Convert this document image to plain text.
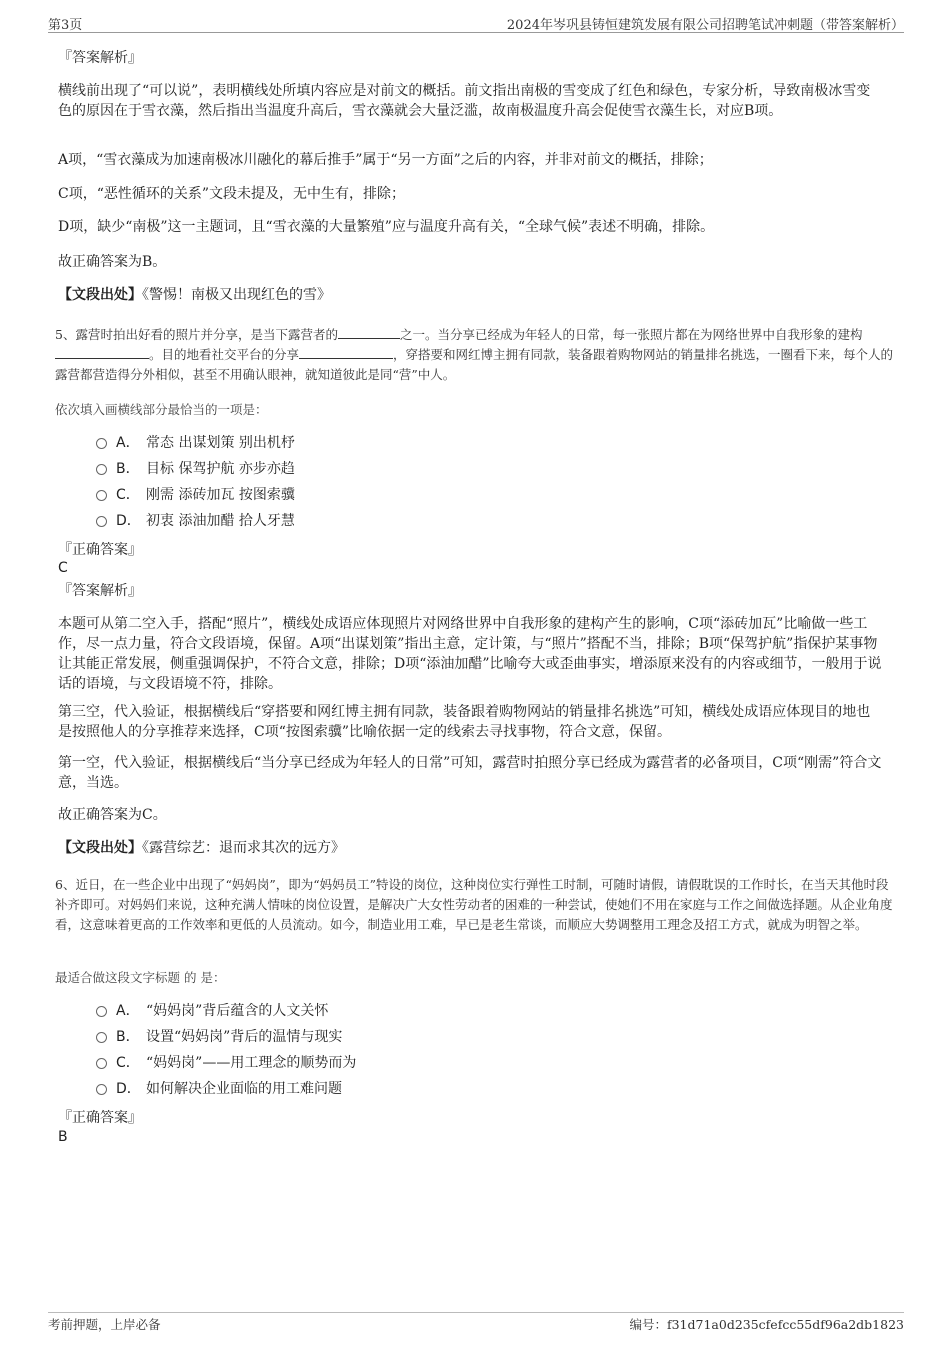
第3页	2024年岑巩县铸恒建筑发展有限公司招聘笔试冲刺题（带答案解析）
『答案解析』
横线前出现了“可以说”，表明横线处所填内容应是对前文的概括。前文指出南极的雪变成了红色和绿色，专家分析，导致南极冰雪变色的原因在于雪衣藻，然后指出当温度升高后，雪衣藻就会大量泛滥，故南极温度升高会促使雪衣藻生长，对应B项。
A项，“雪衣藻成为加速南极冰川融化的幕后推手”属于“另一方面”之后的内容，并非对前文的概括，排除；
C项，“恶性循环的关系”文段未提及，无中生有，排除；
D项，缺少“南极”这一主题词，且“雪衣藻的大量繁殖”应与温度升高有关，“全球气候”表述不明确，排除。
故正确答案为B。
【文段出处】《警惕！南极又出现红色的雪》
5、露营时拍出好看的照片并分享，是当下露营者的	之一。当分享已经成为年轻人的日常，每一张照片都在为网络世界中自我形象的建构。目的地看社交平台的分享	，穿搭要和网红博主拥有同款，装备跟着购物网站的销量排名挑选，一圈看下来，每个人的露营都营造得分外相似，甚至不用确认眼神，就知道彼此是同“营”中人。
依次填入画横线部分最恰当的一项是：
A． 常态 出谋划策 别出机杼
B． 目标 保驾护航 亦步亦趋
C． 刚需 添砖加瓦 按图索骥
D． 初衷 添油加醋 拾人牙慧
『正确答案』
C
『答案解析』
本题可从第二空入手，搭配“照片”，横线处成语应体现照片对网络世界中自我形象的建构产生的影响，C项“添砖加瓦”比喻做一些工作，尽一点力量，符合文段语境，保留。A项“出谋划策”指出主意，定计策，与“照片”搭配不当，排除；B项“保驾护航”指保护某事物让其能正常发展，侧重强调保护，不符合文意，排除；D项“添油加醋”比喻夸大或歪曲事实，增添原来没有的内容或细节，一般用于说话的语境，与文段语境不符，排除。
第三空，代入验证，根据横线后“穿搭要和网红博主拥有同款，装备跟着购物网站的销量排名挑选”可知，横线处成语应体现目的地也是按照他人的分享推荐来选择，C项“按图索骥”比喻依据一定的线索去寻找事物，符合文意，保留。
第一空，代入验证，根据横线后“当分享已经成为年轻人的日常”可知，露营时拍照分享已经成为露营者的必备项目，C项“刚需”符合文意，当选。
故正确答案为C。
【文段出处】《露营综艺：退而求其次的远方》
6、近日，在一些企业中出现了“妈妈岗”，即为“妈妈员工”特设的岗位，这种岗位实行弹性工时制，可随时请假，请假耽误的工作时长，在当天其他时段补齐即可。对妈妈们来说，这种充满人情味的岗位设置，是解决广大女性劳动者的困难的一种尝试，使她们不用在家庭与工作之间做选择题。从企业角度看，这意味着更高的工作效率和更低的人员流动。如今，制造业用工难，早已是老生常谈，而顺应大势调整用工理念及招工方式，就成为明智之举。
最适合做这段文字标题 的 是：
A． “妈妈岗”背后蕴含的人文关怀
B． 设置“妈妈岗”背后的温情与现实
C． “妈妈岗”——用工理念的顺势而为
D． 如何解决企业面临的用工难问题
『正确答案』
B
考前押题，上岸必备	编号：f31d71a0d235cfefcc55df96a2db1823
